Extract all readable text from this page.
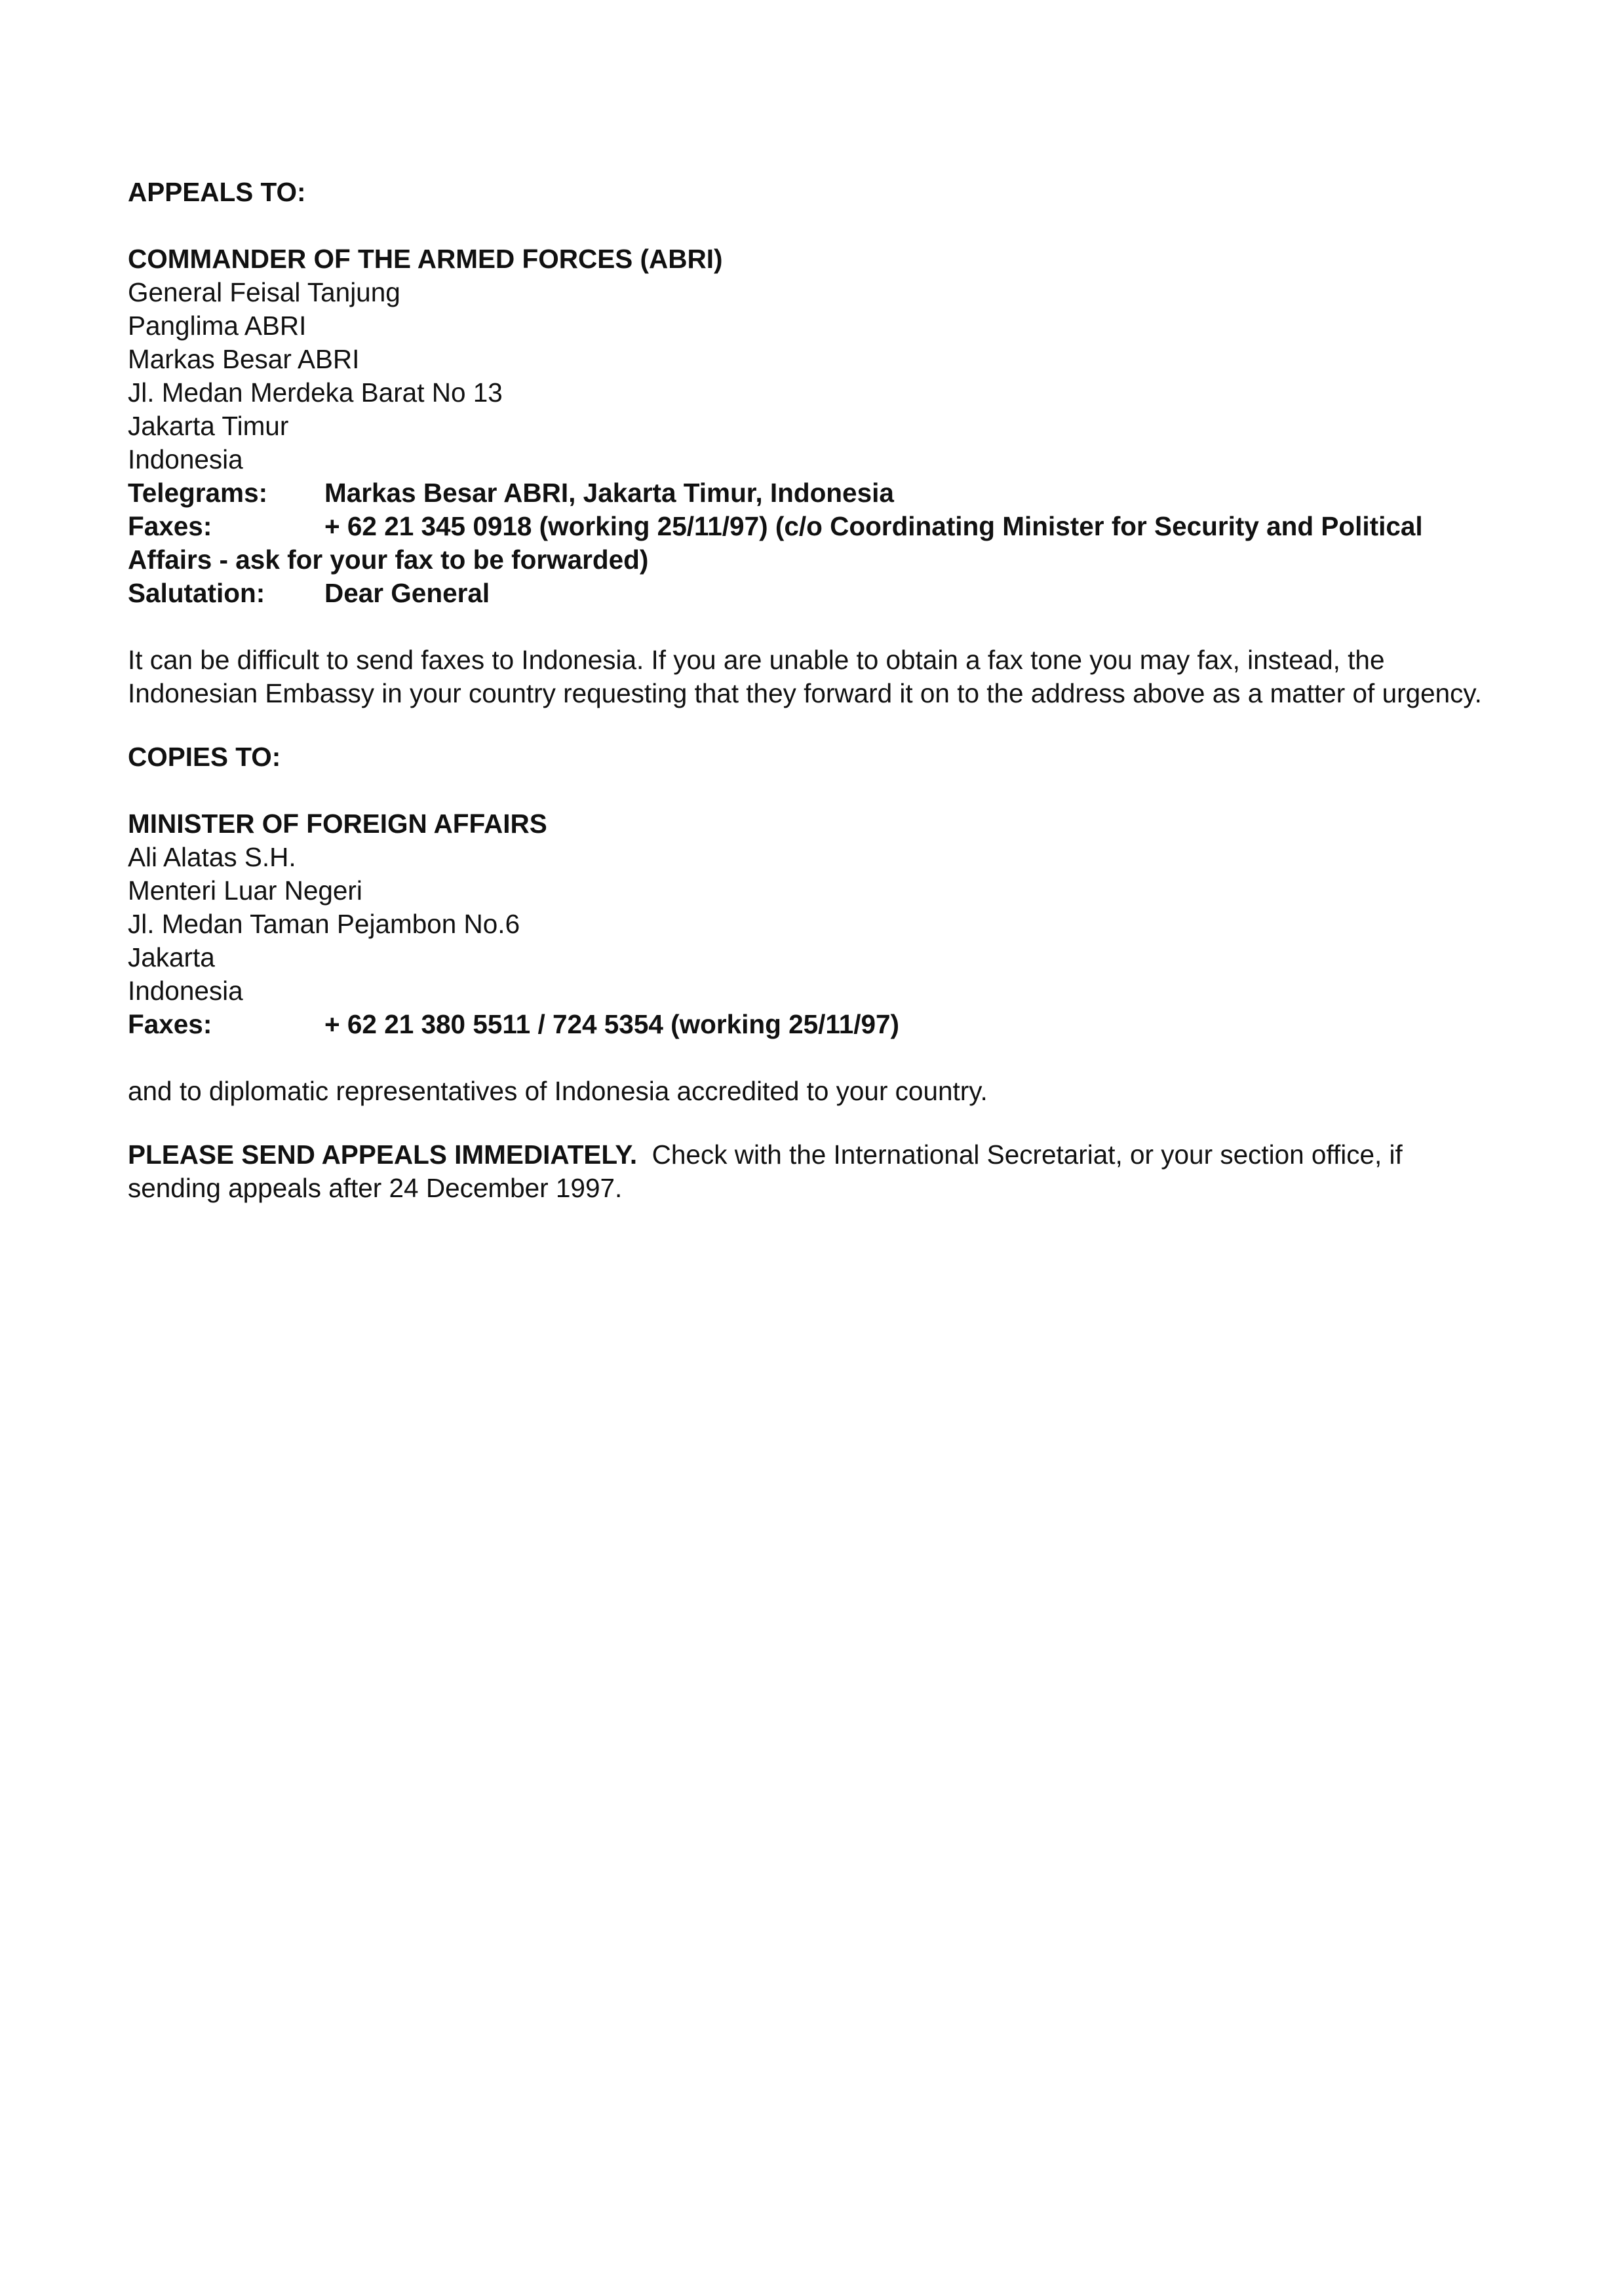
APPEALS TO:
COMMANDER OF THE ARMED FORCES (ABRI)
General Feisal Tanjung
Panglima ABRI
Markas Besar ABRI
Jl. Medan Merdeka Barat No 13
Jakarta Timur
Indonesia
Telegrams: Markas Besar ABRI, Jakarta Timur, Indonesia
Faxes:	+ 62 21 345 0918 (working 25/11/97) (c/o Coordinating Minister for Security and Political
Affairs - ask for your fax to be forwarded)
Salutation: Dear General
It can be difficult to send faxes to Indonesia. If you are unable to obtain a fax tone you may fax, instead, the Indonesian Embassy in your country requesting that they forward it on to the address above as a matter of urgency.
COPIES TO:
MINISTER OF FOREIGN AFFAIRS
Ali Alatas S.H.
Menteri Luar Negeri
Jl. Medan Taman Pejambon No.6
Jakarta
Indonesia
Faxes:	+ 62 21 380 5511 / 724 5354 (working 25/11/97)
and to diplomatic representatives of Indonesia accredited to your country.
PLEASE SEND APPEALS IMMEDIATELY.  Check with the International Secretariat, or your section office, if sending appeals after 24 December 1997.
